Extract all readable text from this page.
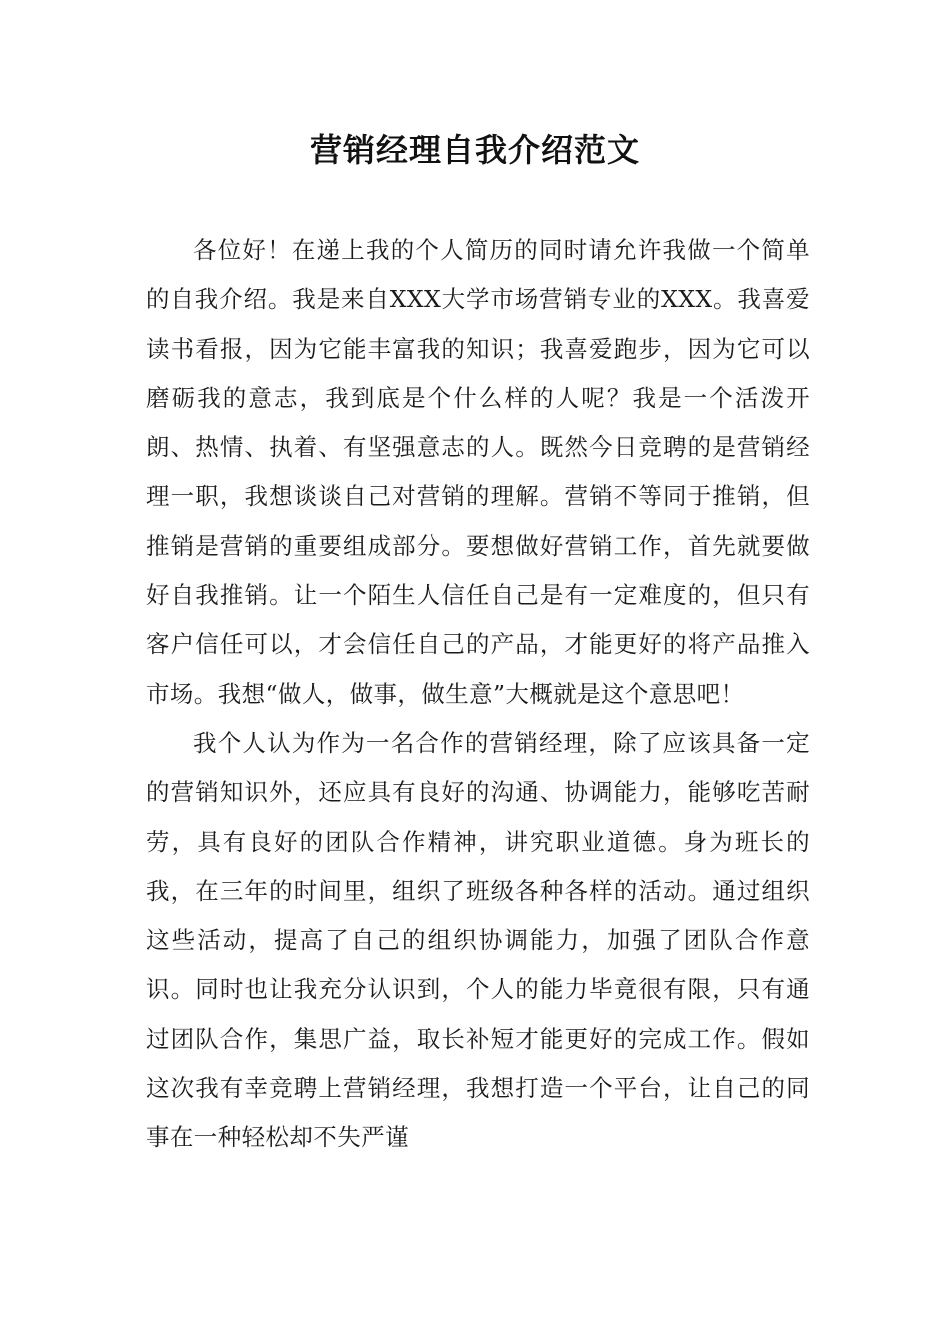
营销经理自我介绍范文

各位好！在递上我的个人简历的同时请允许我做一个简单的自我介绍。我是来自XXX大学市场营销专业的XXX。我喜爱读书看报，因为它能丰富我的知识；我喜爱跑步，因为它可以磨砺我的意志，我到底是个什么样的人呢？我是一个活泼开朗、热情、执着、有坚强意志的人。既然今日竞聘的是营销经理一职，我想谈谈自己对营销的理解。营销不等同于推销，但推销是营销的重要组成部分。要想做好营销工作，首先就要做好自我推销。让一个陌生人信任自己是有一定难度的，但只有客户信任可以，才会信任自己的产品，才能更好的将产品推入市场。我想“做人，做事，做生意”大概就是这个意思吧！

我个人认为作为一名合作的营销经理，除了应该具备一定的营销知识外，还应具有良好的沟通、协调能力，能够吃苦耐劳，具有良好的团队合作精神，讲究职业道德。身为班长的我，在三年的时间里，组织了班级各种各样的活动。通过组织这些活动，提高了自己的组织协调能力，加强了团队合作意识。同时也让我充分认识到，个人的能力毕竟很有限，只有通过团队合作，集思广益，取长补短才能更好的完成工作。假如这次我有幸竞聘上营销经理，我想打造一个平台，让自己的同事在一种轻松却不失严谨
